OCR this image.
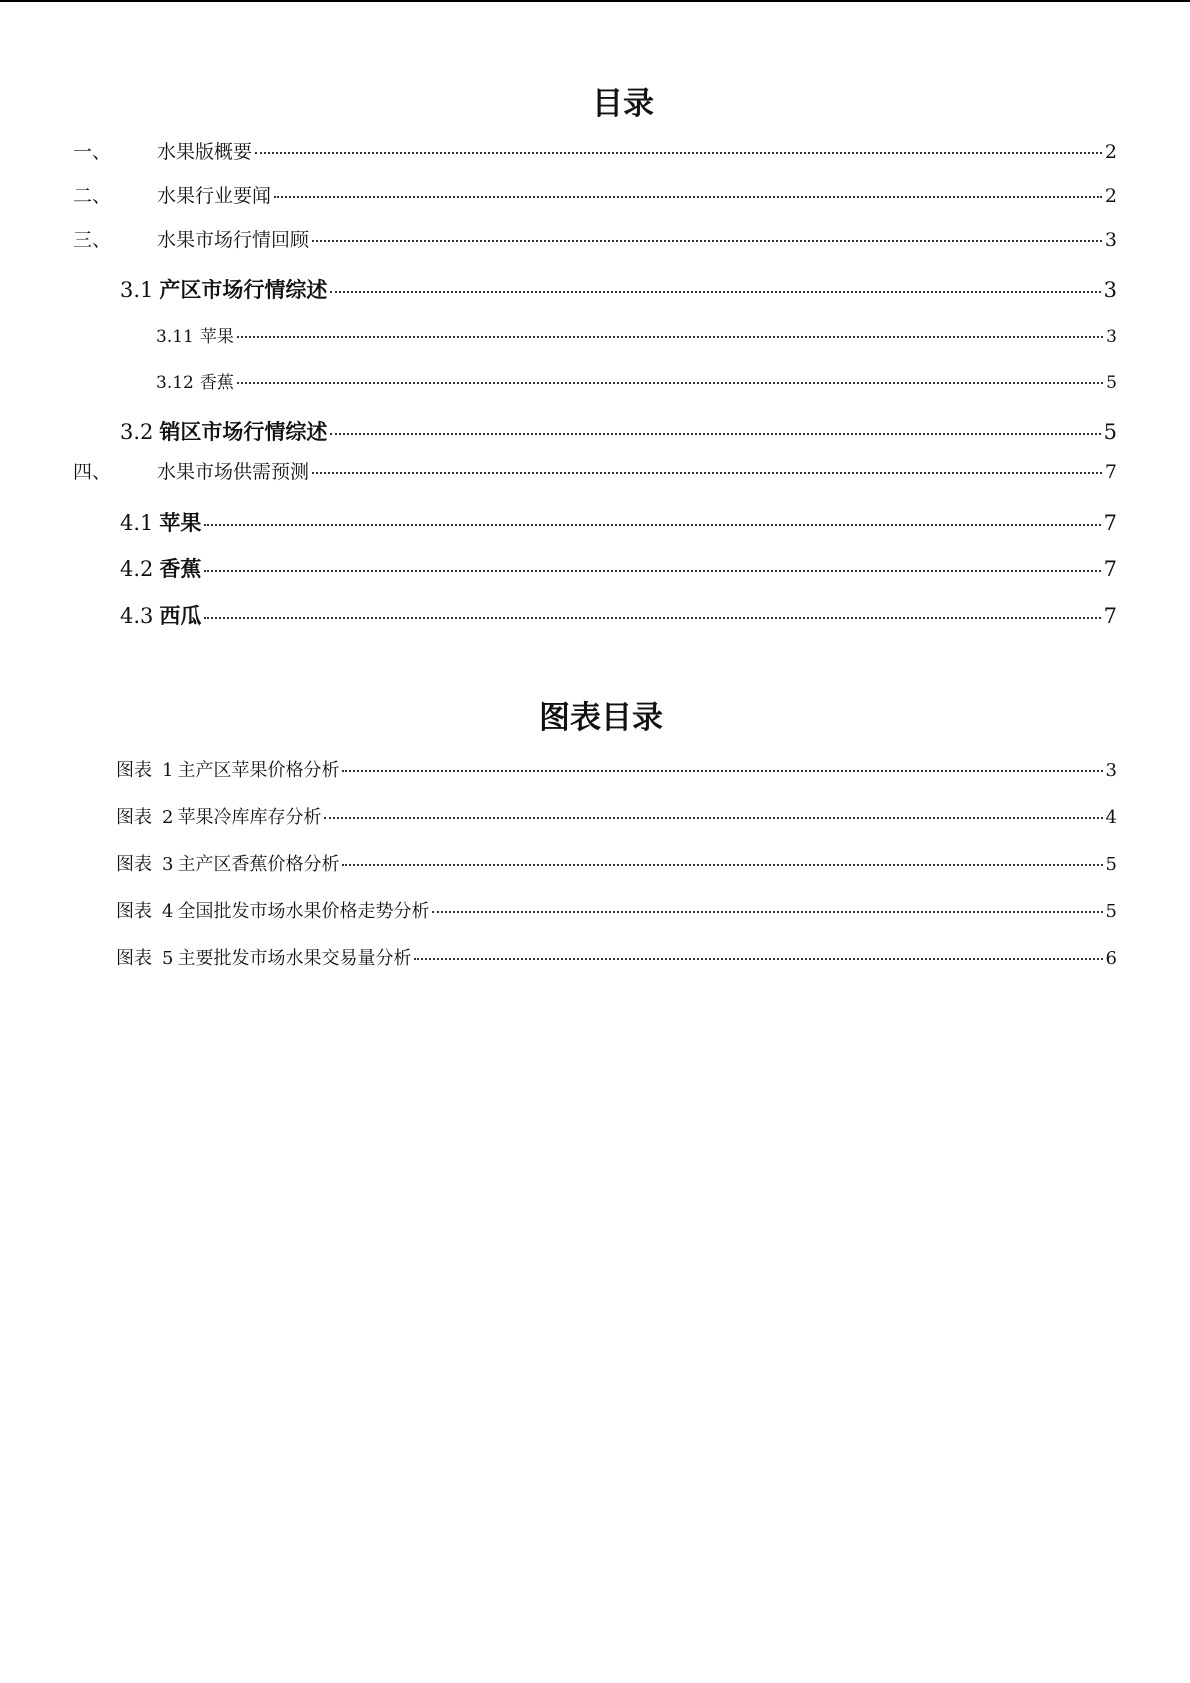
目录
一、	水果版概要	2
二、	水果行业要闻	2
三、	水果市场行情回顾	3
3.1 产区市场行情综述	3
3.11 苹果	3
3.12 香蕉	5
3.2 销区市场行情综述	5
四、	水果市场供需预测	7
4.1 苹果	7
4.2 香蕉	7
4.3 西瓜	7
图表目录
图表 1 主产区苹果价格分析	3
图表 2 苹果冷库库存分析	4
图表 3 主产区香蕉价格分析	5
图表 4 全国批发市场水果价格走势分析	5
图表 5 主要批发市场水果交易量分析	6
